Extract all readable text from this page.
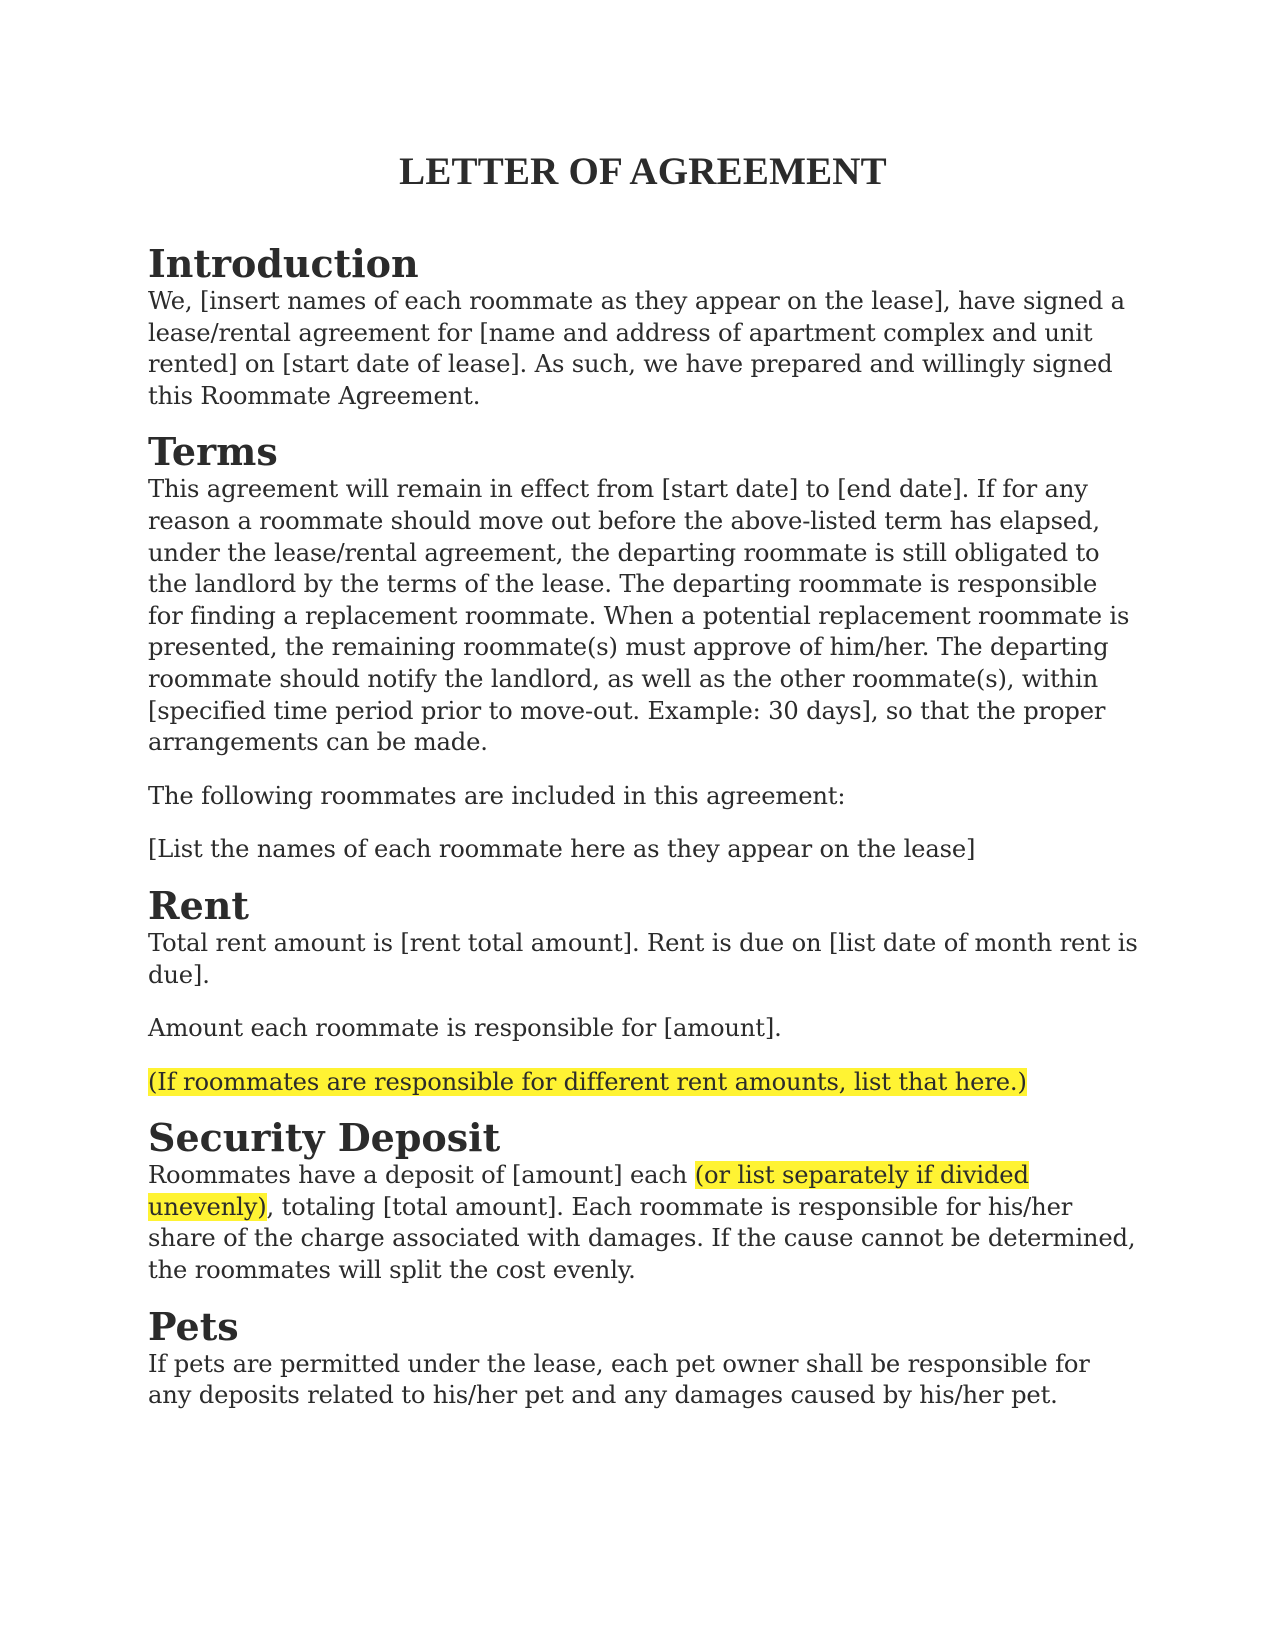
LETTER OF AGREEMENT
Introduction

We, [insert names of each roommate as they appear on the lease], have signed a lease/rental agreement for [name and address of apartment complex and unit rented] on [start date of lease]. As such, we have prepared and willingly signed this Roommate Agreement.

Terms

This agreement will remain in effect from [start date] to [end date]. If for any reason a roommate should move out before the above-listed term has elapsed, under the lease/rental agreement, the departing roommate is still obligated to the landlord by the terms of the lease. The departing roommate is responsible for finding a replacement roommate. When a potential replacement roommate is presented, the remaining roommate(s) must approve of him/her. The departing roommate should notify the landlord, as well as the other roommate(s), within [specified time period prior to move-out. Example: 30 days], so that the proper arrangements can be made.

The following roommates are included in this agreement:

[List the names of each roommate here as they appear on the lease]

Rent

Total rent amount is [rent total amount]. Rent is due on [list date of month rent is due].

Amount each roommate is responsible for [amount].

(If roommates are responsible for different rent amounts, list that here.)

Security Deposit

Roommates have a deposit of [amount] each (or list separately if divided unevenly), totaling [total amount]. Each roommate is responsible for his/her share of the charge associated with damages. If the cause cannot be determined, the roommates will split the cost evenly.

Pets

If pets are permitted under the lease, each pet owner shall be responsible for any deposits related to his/her pet and any damages caused by his/her pet.
